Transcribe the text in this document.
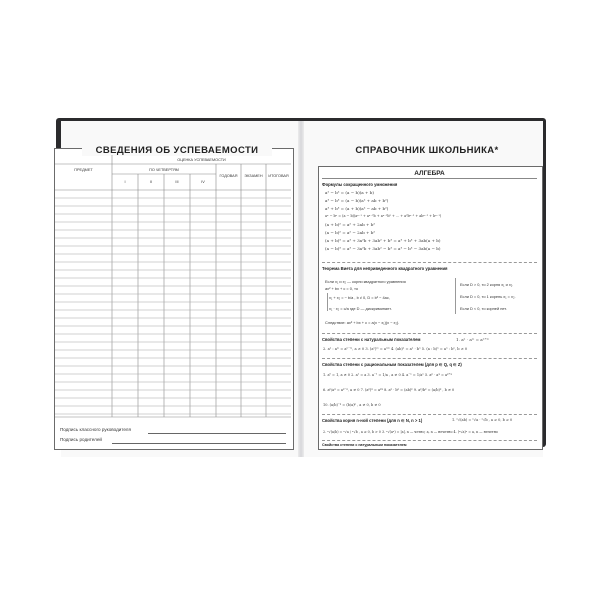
СВЕДЕНИЯ ОБ УСПЕВАЕМОСТИ
ПРЕДМЕТ
ОЦЕНКА УСПЕВАЕМОСТИ
ПО ЧЕТВЕРТЯМ
I	II	III	IV
ГОДОВАЯ	ЭКЗАМЕН	ИТОГОВАЯ
Подпись классного руководителя
Подпись родителей
СПРАВОЧНИК ШКОЛЬНИКА*
АЛГЕБРА
Формулы сокращенного умножения
a² − b² = (a − b)(a + b)
a³ − b³ = (a − b)(a² + ab + b²)
a³ + b³ = (a + b)(a² − ab + b²)
aⁿ − bⁿ = (a − b)(aⁿ⁻¹ + aⁿ⁻²b + aⁿ⁻³b² + ... + a²bⁿ⁻³ + abⁿ⁻² + bⁿ⁻¹)
(a + b)² = a² + 2ab + b²
(a − b)² = a² − 2ab + b²
(a + b)³ = a³ + 3a²b + 3ab² + b³ = a³ + b³ + 3ab(a + b)
(a − b)³ = a³ − 3a²b + 3ab² − b³ = a³ − b³ − 3ab(a − b)
Теорема Виета для неприведенного квадратного уравнения
Если x₁ и x₂ — корни квадратного уравнения
ax² + bx + c = 0, то
x₁ + x₂ = − b/a , b ≠ 0, D = b² − 4ac,
x₁ · x₂ = c/a где D — дискриминант.
Следствие: ax² + bx + c = a(x − x₁)(x − x₂).
Если D > 0, то 2 корня x₁ и x₂.
Если D = 0, то 1 корень x₁ = x₂.
Если D < 0, то корней нет.
Свойства степени с натуральным показателем	1. aⁿ · aᵐ = aⁿ⁺ᵐ
2. aⁿ : aᵐ = aⁿ⁻ᵐ, a ≠ 0 3. (aⁿ)ᵐ = aⁿᵐ 4. (ab)ⁿ = aⁿ · bⁿ 5. (a : b)ⁿ = aⁿ : bⁿ, b ≠ 0
Свойства степени с рациональным показателем (для p ∈ Q, q ∈ Z)
1. a⁰ = 1, a ≠ 0 2. a¹ = a 3. a⁻¹ = 1/a , a ≠ 0 4. a⁻ⁿ = 1/aⁿ 5. aᵖ · aᵠ = aᵖ⁺ᵠ
6. aᵖ/aᵠ = aᵖ⁻ᵠ, a ≠ 0 7. (aᵖ)ᵠ = aᵖᵠ 8. aᵖ · bᵖ = (ab)ᵖ 9. aᵖ/bᵖ = (a/b)ᵖ , b ≠ 0
10. (a/b)⁻ᵖ = (b/a)ᵖ , a ≠ 0, b ≠ 0
Свойства корня n-ной степени (для n ∈ N, n > 1)	1. ⁿ√(ab) = ⁿ√a · ⁿ√b , a ≥ 0, b ≥ 0
2. ⁿ√(a/b) = ⁿ√a / ⁿ√b , a ≥ 0, b > 0 3. ⁿ√(aⁿ) = |a|, n — четно; a, n — нечетно 4. (ⁿ√a)ⁿ = a, n — нечетно
Свойства степени с натуральным показателем
